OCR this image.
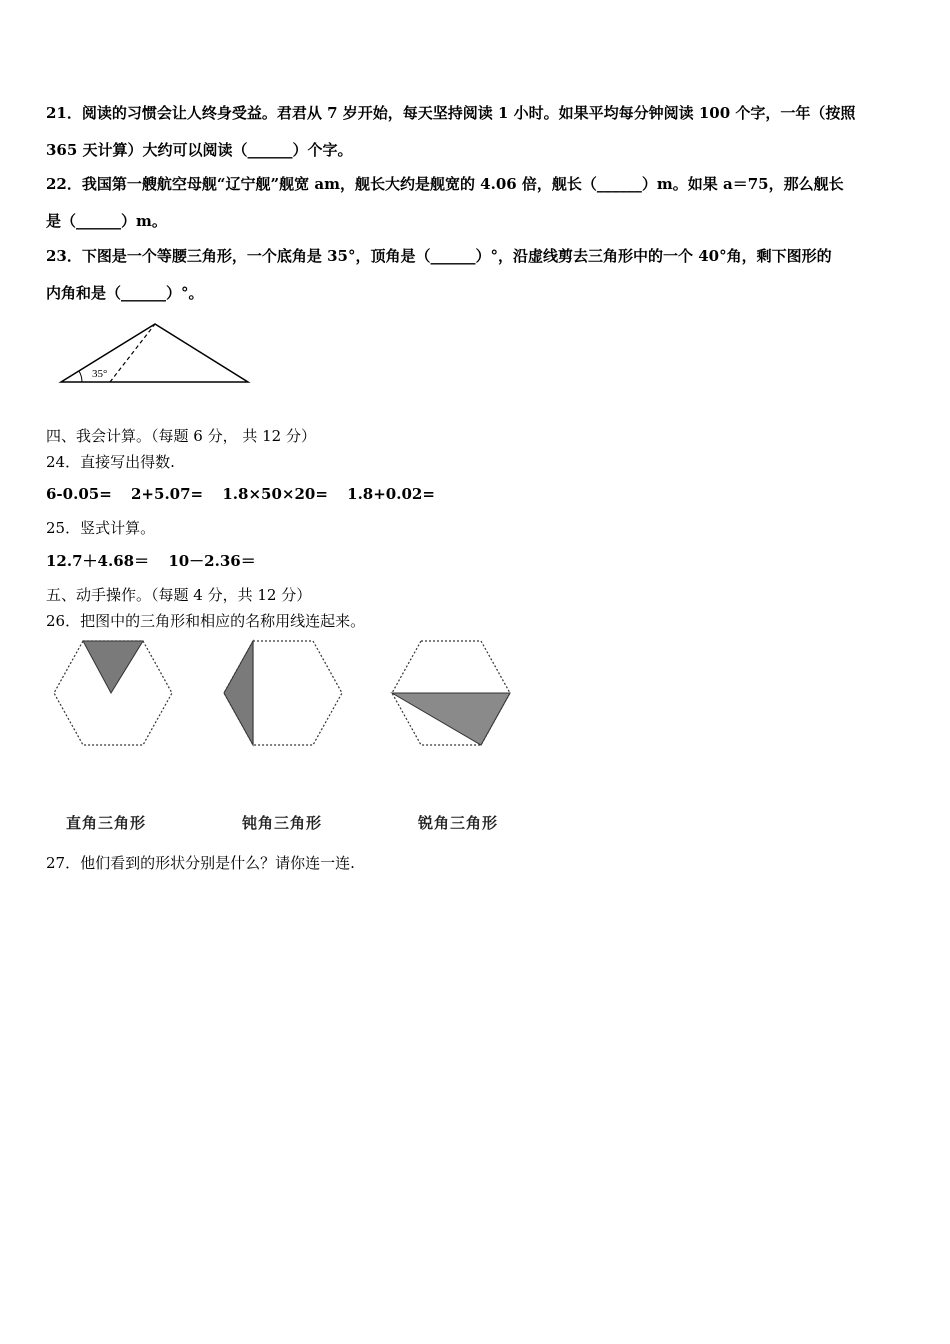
21．阅读的习惯会让人终身受益。君君从 7 岁开始，每天坚持阅读 1 小时。如果平均每分钟阅读 100 个字，一年（按照
365 天计算）大约可以阅读（______）个字。
22．我国第一艘航空母舰“辽宁舰”舰宽 am，舰长大约是舰宽的 4.06 倍，舰长（______）m。如果 a＝75，那么舰长
是（______）m。
23．下图是一个等腰三角形，一个底角是 35°，顶角是（______）°，沿虚线剪去三角形中的一个 40°角，剩下图形的
内角和是（______）°。
35°
四、我会计算。（每题 6 分， 共 12 分）
24．直接写出得数.
6-0.05= 2+5.07= 1.8×50×20= 1.8+0.02=
25．竖式计算。
12.7＋4.68＝ 10－2.36＝
五、动手操作。（每题 4 分，共 12 分）
26．把图中的三角形和相应的名称用线连起来。
直角三角形	钝角三角形	锐角三角形
27．他们看到的形状分别是什么？请你连一连.
